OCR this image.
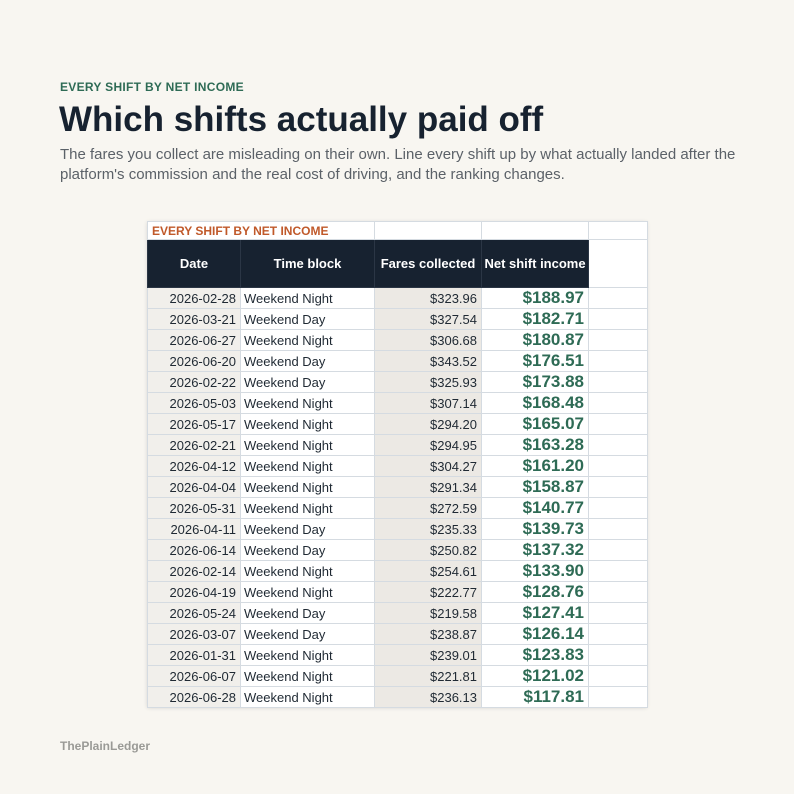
EVERY SHIFT BY NET INCOME
Which shifts actually paid off
The fares you collect are misleading on their own. Line every shift up by what actually landed after the platform's commission and the real cost of driving, and the ranking changes.
EVERY SHIFT BY NET INCOME				
Date	Time block	Fares collected	Net shift income	
2026-02-28	Weekend Night	$323.96	$188.97	
2026-03-21	Weekend Day	$327.54	$182.71	
2026-06-27	Weekend Night	$306.68	$180.87	
2026-06-20	Weekend Day	$343.52	$176.51	
2026-02-22	Weekend Day	$325.93	$173.88	
2026-05-03	Weekend Night	$307.14	$168.48	
2026-05-17	Weekend Night	$294.20	$165.07	
2026-02-21	Weekend Night	$294.95	$163.28	
2026-04-12	Weekend Night	$304.27	$161.20	
2026-04-04	Weekend Night	$291.34	$158.87	
2026-05-31	Weekend Night	$272.59	$140.77	
2026-04-11	Weekend Day	$235.33	$139.73	
2026-06-14	Weekend Day	$250.82	$137.32	
2026-02-14	Weekend Night	$254.61	$133.90	
2026-04-19	Weekend Night	$222.77	$128.76	
2026-05-24	Weekend Day	$219.58	$127.41	
2026-03-07	Weekend Day	$238.87	$126.14	
2026-01-31	Weekend Night	$239.01	$123.83	
2026-06-07	Weekend Night	$221.81	$121.02	
2026-06-28	Weekend Night	$236.13	$117.81	
ThePlainLedger
